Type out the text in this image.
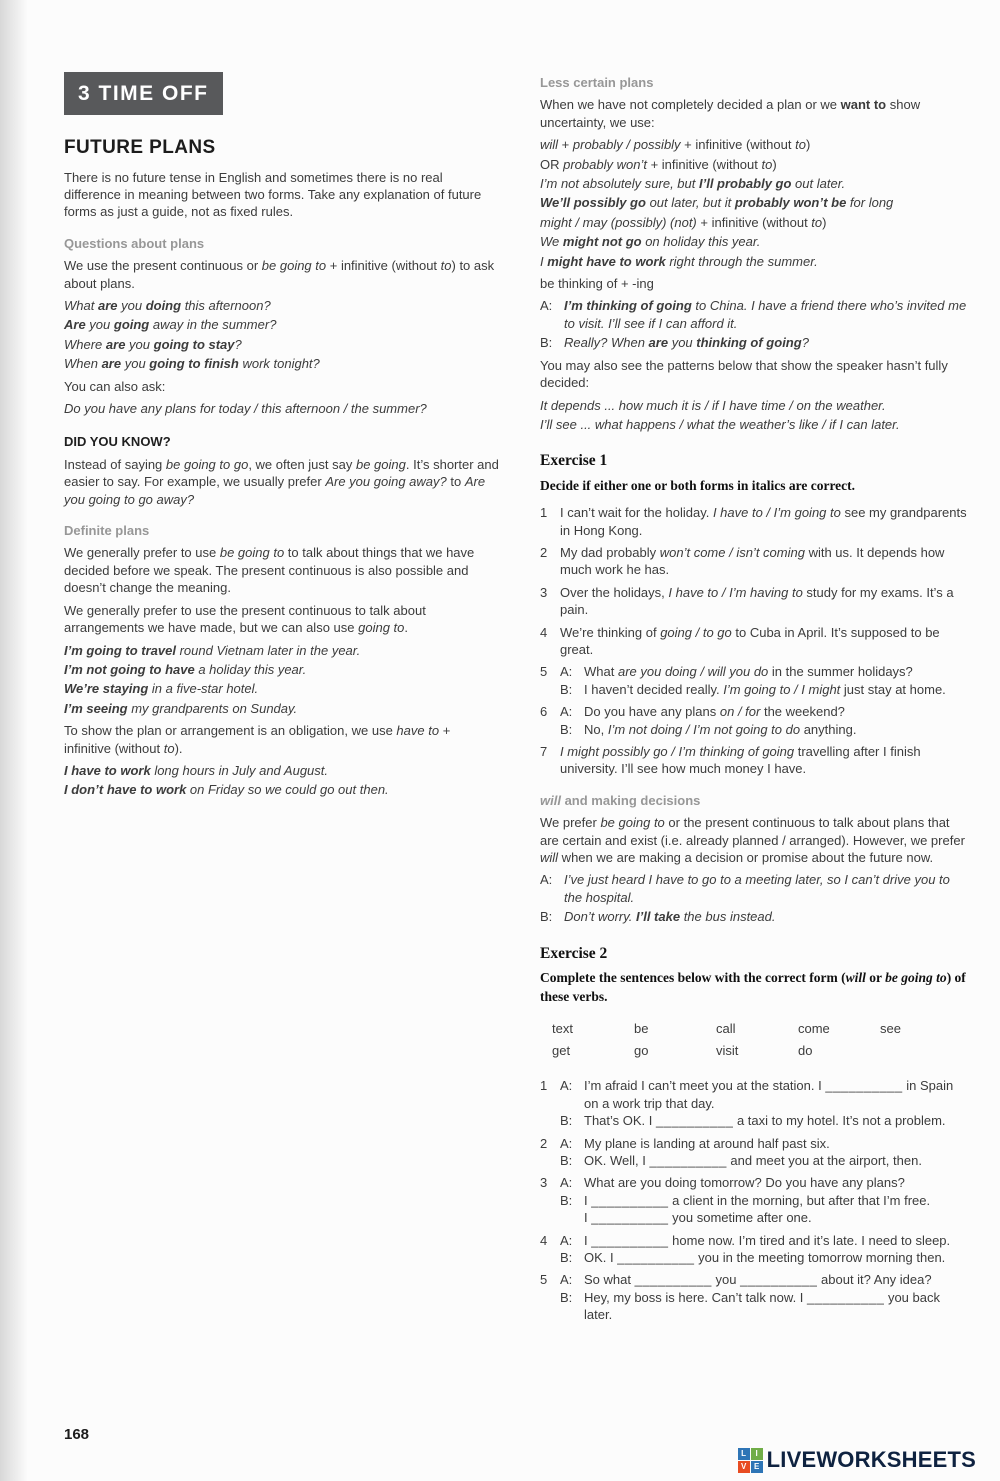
3 TIME OFF
FUTURE PLANS
There is no future tense in English and sometimes there is no real difference in meaning between two forms. Take any explanation of future forms as just a guide, not as fixed rules.
Questions about plans
We use the present continuous or be going to + infinitive (without to) to ask about plans.
What are you doing this afternoon?
Are you going away in the summer?
Where are you going to stay?
When are you going to finish work tonight?
You can also ask:
Do you have any plans for today / this afternoon / the summer?
DID YOU KNOW?
Instead of saying be going to go, we often just say be going. It’s shorter and easier to say. For example, we usually prefer Are you going away? to Are you going to go away?
Definite plans
We generally prefer to use be going to to talk about things that we have decided before we speak. The present continuous is also possible and doesn’t change the meaning.
We generally prefer to use the present continuous to talk about arrangements we have made, but we can also use going to.
I’m going to travel round Vietnam later in the year.
I’m not going to have a holiday this year.
We’re staying in a five-star hotel.
I’m seeing my grandparents on Sunday.
To show the plan or arrangement is an obligation, we use have to + infinitive (without to).
I have to work long hours in July and August.
I don’t have to work on Friday so we could go out then.
Less certain plans
When we have not completely decided a plan or we want to show uncertainty, we use:
will + probably / possibly + infinitive (without to)
OR probably won’t + infinitive (without to)
I’m not absolutely sure, but I’ll probably go out later.
We’ll possibly go out later, but it probably won’t be for long
might / may (possibly) (not) + infinitive (without to)
We might not go on holiday this year.
I might have to work right through the summer.
be thinking of + -ing
A: I’m thinking of going to China. I have a friend there who’s invited me to visit. I’ll see if I can afford it.
B: Really? When are you thinking of going?
You may also see the patterns below that show the speaker hasn’t fully decided:
It depends ... how much it is / if I have time / on the weather.
I’ll see ... what happens / what the weather’s like / if I can later.
Exercise 1
Decide if either one or both forms in italics are correct.
1 I can’t wait for the holiday. I have to / I’m going to see my grandparents in Hong Kong.
2 My dad probably won’t come / isn’t coming with us. It depends how much work he has.
3 Over the holidays, I have to / I’m having to study for my exams. It’s a pain.
4 We’re thinking of going / to go to Cuba in April. It’s supposed to be great.
5 A: What are you doing / will you do in the summer holidays?
B: I haven’t decided really. I’m going to / I might just stay at home.
6 A: Do you have any plans on / for the weekend?
B: No, I’m not doing / I’m not going to do anything.
7 I might possibly go / I’m thinking of going travelling after I finish university. I’ll see how much money I have.
will and making decisions
We prefer be going to or the present continuous to talk about plans that are certain and exist (i.e. already planned / arranged). However, we prefer will when we are making a decision or promise about the future now.
A: I’ve just heard I have to go to a meeting later, so I can’t drive you to the hospital.
B: Don’t worry. I’ll take the bus instead.
Exercise 2
Complete the sentences below with the correct form (will or be going to) of these verbs.
text	be	call	come	see
get	go	visit	do
1 A: I’m afraid I can’t meet you at the station. I __________ in Spain on a work trip that day.
B: That’s OK. I __________ a taxi to my hotel. It’s not a problem.
2 A: My plane is landing at around half past six.
B: OK. Well, I __________ and meet you at the airport, then.
3 A: What are you doing tomorrow? Do you have any plans?
B: I __________ a client in the morning, but after that I’m free.
I __________ you sometime after one.
4 A: I __________ home now. I’m tired and it’s late. I need to sleep.
B: OK. I __________ you in the meeting tomorrow morning then.
5 A: So what __________ you __________ about it? Any idea?
B: Hey, my boss is here. Can’t talk now. I __________ you back later.
168
L	I
V E LIVEWORKSHEETS
